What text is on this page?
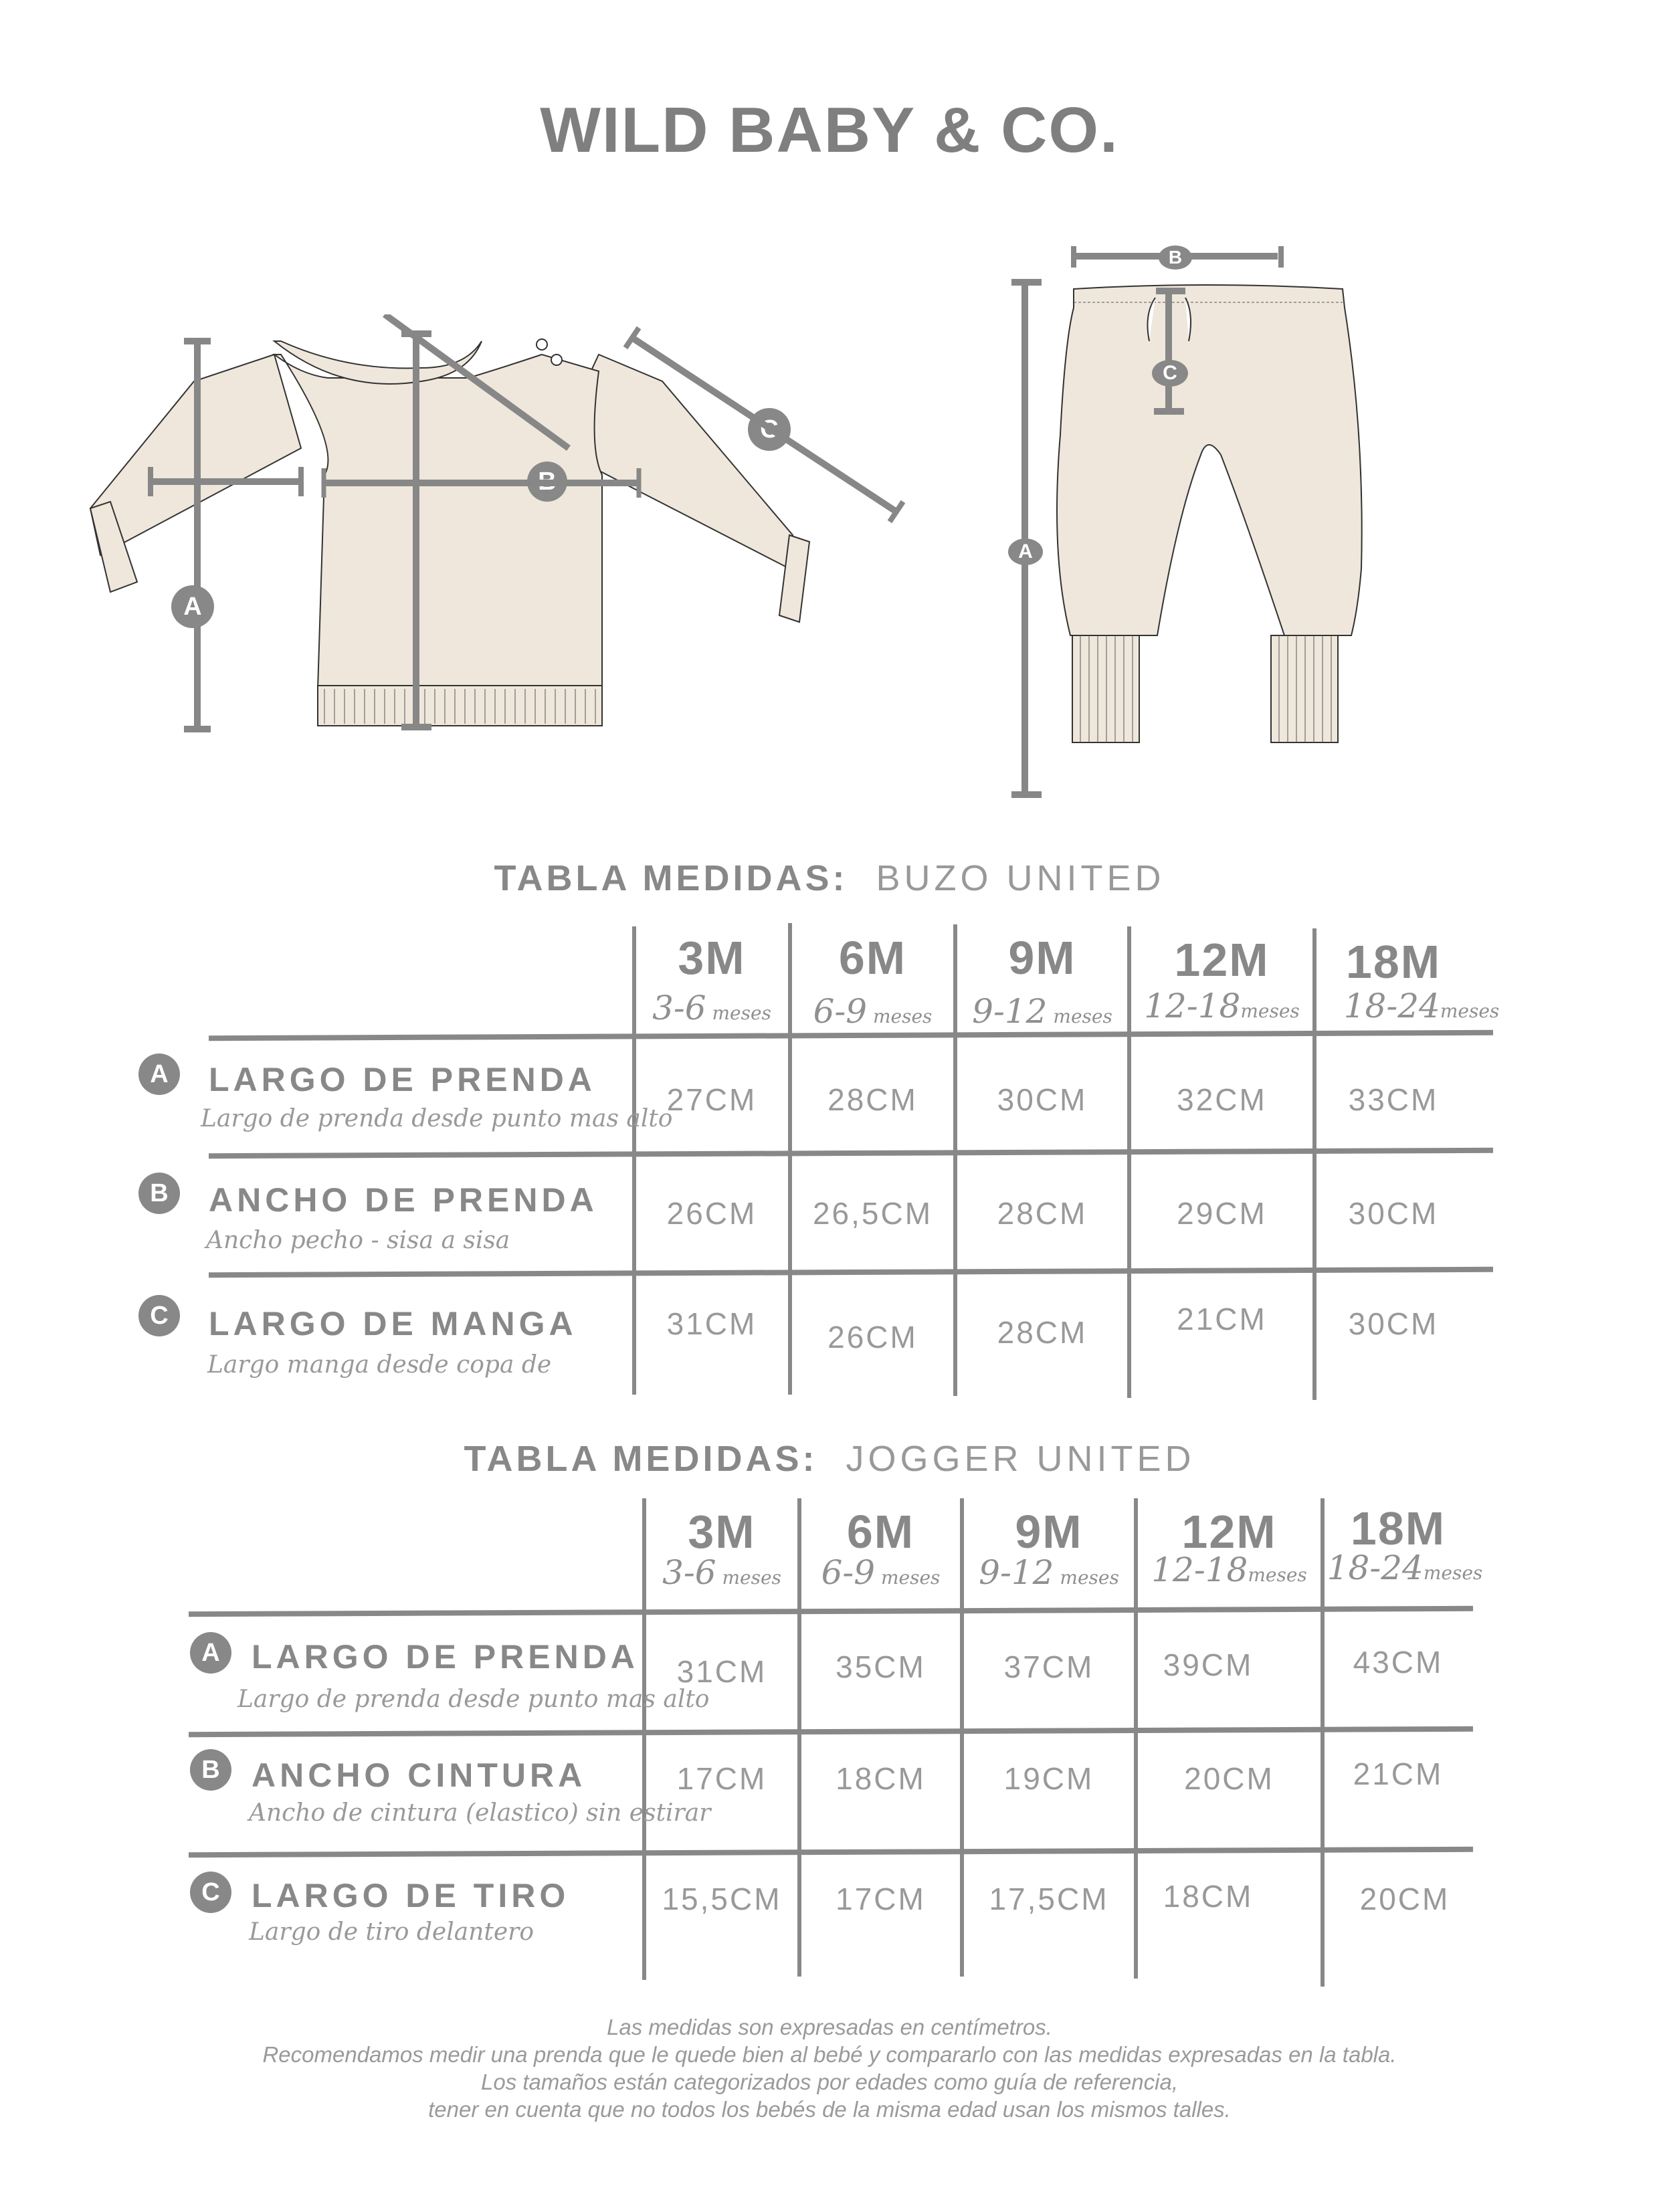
WILD BABY & CO.
A
B
C
A
B
C
TABLA MEDIDAS: BUZO UNITED
3M	6M	9M	12M	18M
3-6 meses	6-9 meses	9-12 meses 12-18meses	18-24meses
A	LARGO DE PRENDA
Largo de prenda desde punto mas alto
27CM	28CM	30CM	32CM	33CM
B	ANCHO DE PRENDA
Ancho pecho - sisa a sisa
26CM	26,5CM	28CM	29CM	30CM
C	LARGO DE MANGA
Largo manga desde copa de
31CM	26CM	28CM	21CM	30CM
TABLA MEDIDAS: JOGGER UNITED
3M	6M	9M	12M	18M
3-6 meses	6-9 meses	9-12 meses 12-18meses 18-24meses
A LARGO DE PRENDA
Largo de prenda desde punto mas alto
31CM	35CM	37CM	39CM	43CM
B ANCHO CINTURA
Ancho de cintura (elastico) sin estirar
17CM	18CM	19CM	20CM	21CM
C LARGO DE TIRO
Largo de tiro delantero
15,5CM	17CM	17,5CM	18CM	20CM
Las medidas son expresadas en centímetros.
Recomendamos medir una prenda que le quede bien al bebé y compararlo con las medidas expresadas en la tabla.
Los tamaños están categorizados por edades como guía de referencia,
tener en cuenta que no todos los bebés de la misma edad usan los mismos talles.
